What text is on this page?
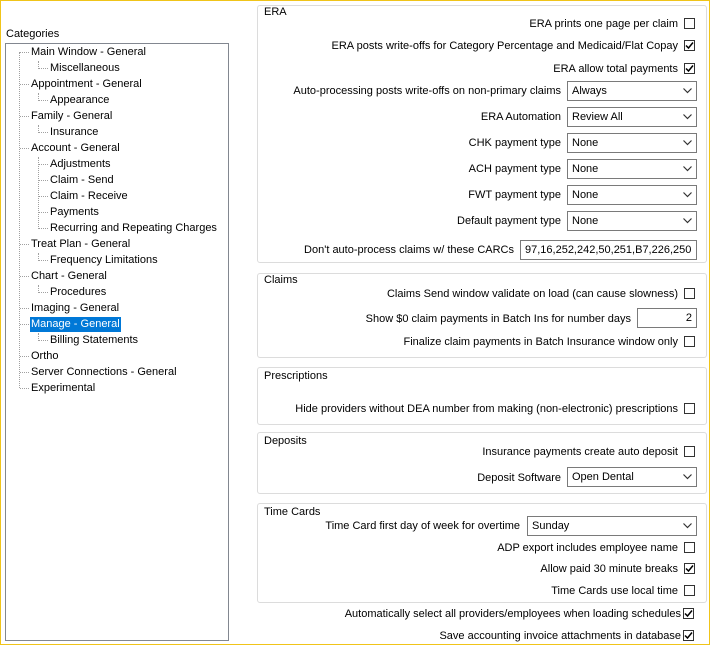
Categories
Main Window - General
Miscellaneous
Appointment - General
Appearance
Family - General
Insurance
Account - General
Adjustments
Claim - Send
Claim - Receive
Payments
Recurring and Repeating Charges
Treat Plan - General
Frequency Limitations
Chart - General
Procedures
Imaging - General
Manage - General
Billing Statements
Ortho
Server Connections - General
Experimental
ERA
ERA prints one page per claim
ERA posts write-offs for Category Percentage and Medicaid/Flat Copay
ERA allow total payments
Auto-processing posts write-offs on non-primary claims	Always
ERA Automation	Review All
CHK payment type	None
ACH payment type	None
FWT payment type	None
Default payment type	None
Don't auto-process claims w/ these CARCs	97,16,252,242,50,251,B7,226,250
Claims
Claims Send window validate on load (can cause slowness)
Show $0 claim payments in Batch Ins for number days	2
Finalize claim payments in Batch Insurance window only
Prescriptions
Hide providers without DEA number from making (non-electronic) prescriptions
Deposits
Insurance payments create auto deposit
Deposit Software	Open Dental
Time Cards
Time Card first day of week for overtime	Sunday
ADP export includes employee name
Allow paid 30 minute breaks
Time Cards use local time
Automatically select all providers/employees when loading schedules
Save accounting invoice attachments in database
